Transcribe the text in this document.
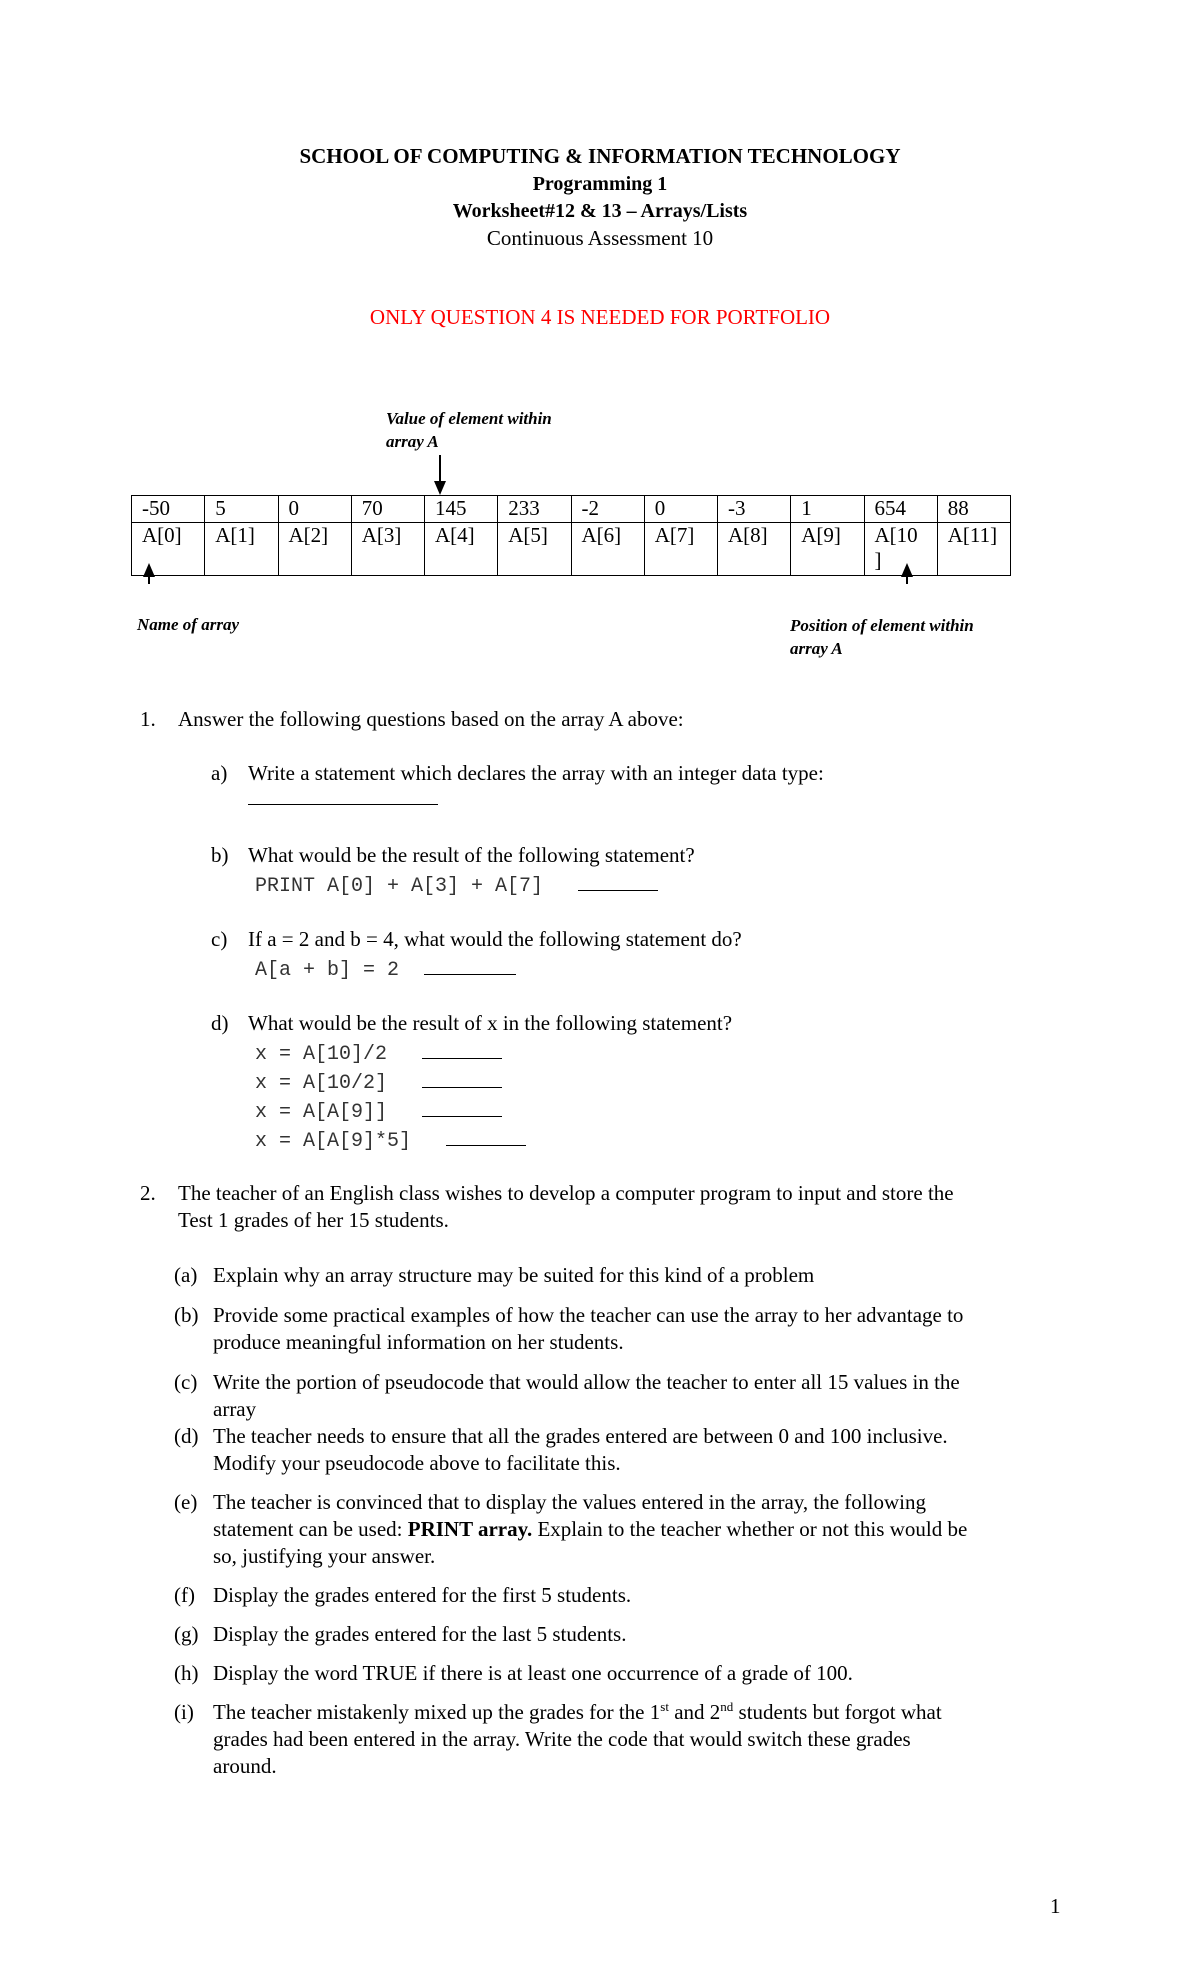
SCHOOL OF COMPUTING & INFORMATION TECHNOLOGY
Programming 1
Worksheet#12 & 13 – Arrays/Lists
Continuous Assessment 10
ONLY QUESTION 4 IS NEEDED FOR PORTFOLIO
Value of element within
array A
-50	5	0	70	145	233	-2	0	-3	1	654	88
A[0]	A[1]	A[2]	A[3]	A[4]	A[5]	A[6]	A[7]	A[8]	A[9]	A[10
]	A[11]
Name of array	Position of element within
array A
1. Answer the following questions based on the array A above:
a) Write a statement which declares the array with an integer data type:
b) What would be the result of the following statement?
PRINT A[0] + A[3] + A[7]
c) If a = 2 and b = 4, what would the following statement do?
A[a + b] = 2
d) What would be the result of x in the following statement?
x = A[10]/2
x = A[10/2]
x = A[A[9]]
x = A[A[9]*5]
2. The teacher of an English class wishes to develop a computer program to input and store the
Test 1 grades of her 15 students.
(a) Explain why an array structure may be suited for this kind of a problem
(b) Provide some practical examples of how the teacher can use the array to her advantage to
produce meaningful information on her students.
(c) Write the portion of pseudocode that would allow the teacher to enter all 15 values in the
array
(d) The teacher needs to ensure that all the grades entered are between 0 and 100 inclusive.
Modify your pseudocode above to facilitate this.
(e) The teacher is convinced that to display the values entered in the array, the following
statement can be used: PRINT array. Explain to the teacher whether or not this would be
so, justifying your answer.
(f) Display the grades entered for the first 5 students.
(g) Display the grades entered for the last 5 students.
(h) Display the word TRUE if there is at least one occurrence of a grade of 100.
(i) The teacher mistakenly mixed up the grades for the 1st and 2nd students but forgot what
grades had been entered in the array. Write the code that would switch these grades
around.
1
